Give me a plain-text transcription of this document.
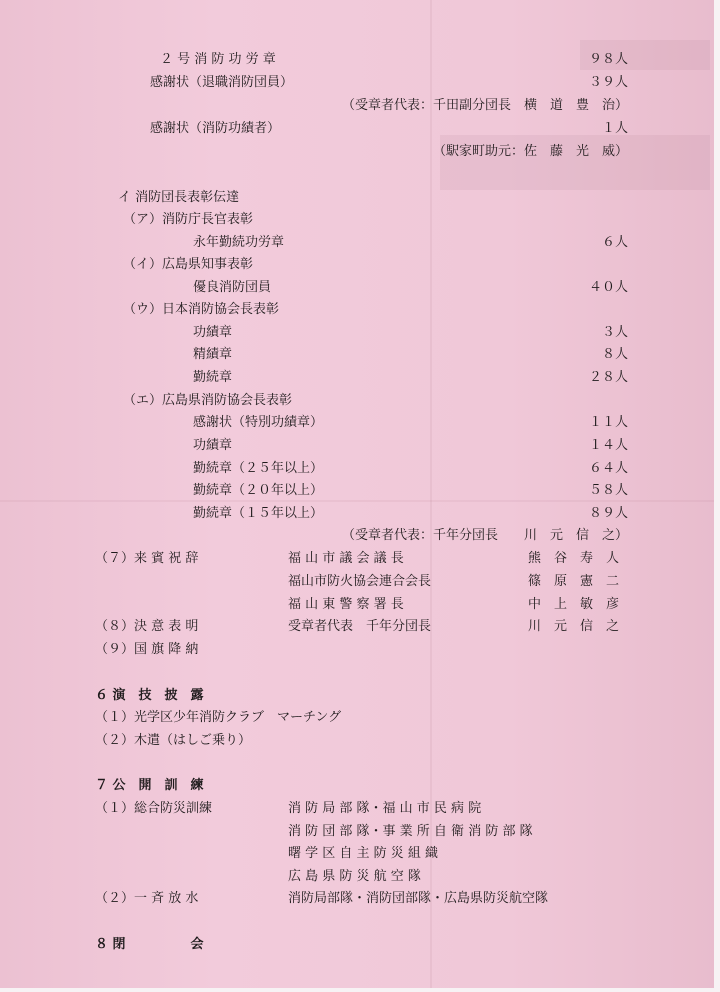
２ 号 消 防 功 労 章	９８人
感謝状（退職消防団員）	３９人
（受章者代表：千田副分団長　横　道　豊　治）
感謝状（消防功績者）	１人
（駅家町助元：佐　藤　光　威）
イ 消防団長表彰伝達
（ア）消防庁長官表彰
永年勤続功労章	６人
（イ）広島県知事表彰
優良消防団員	４０人
（ウ）日本消防協会長表彰
功績章	３人
精績章	８人
勤続章	２８人
（エ）広島県消防協会長表彰
感謝状（特別功績章）	１１人
功績章	１４人
勤続章（２５年以上）	６４人
勤続章（２０年以上）	５８人
勤続章（１５年以上）	８９人
（受章者代表：千年分団長　　川　元　信　之）
（７）来 賓 祝 辞	福 山 市 議 会 議 長	熊　谷　寿　人
福山市防火協会連合会長	篠　原　憲　二
福 山 東 警 察 署 長	中　上　敏　彦
（８）決 意 表 明	受章者代表　千年分団長	川　元　信　之
（９）国 旗 降 納
６ 演　技　披　露
（１）光学区少年消防クラブ　マーチング
（２）木遣（はしご乗り）
７ 公　開　訓　練
（１）総合防災訓練	消 防 局 部 隊・福 山 市 民 病 院
消 防 団 部 隊・事 業 所 自 衛 消 防 部 隊
曙 学 区 自 主 防 災 組 織
広 島 県 防 災 航 空 隊
（２）一 斉 放 水	消防局部隊・消防団部隊・広島県防災航空隊
８ 閉　　　　　会
